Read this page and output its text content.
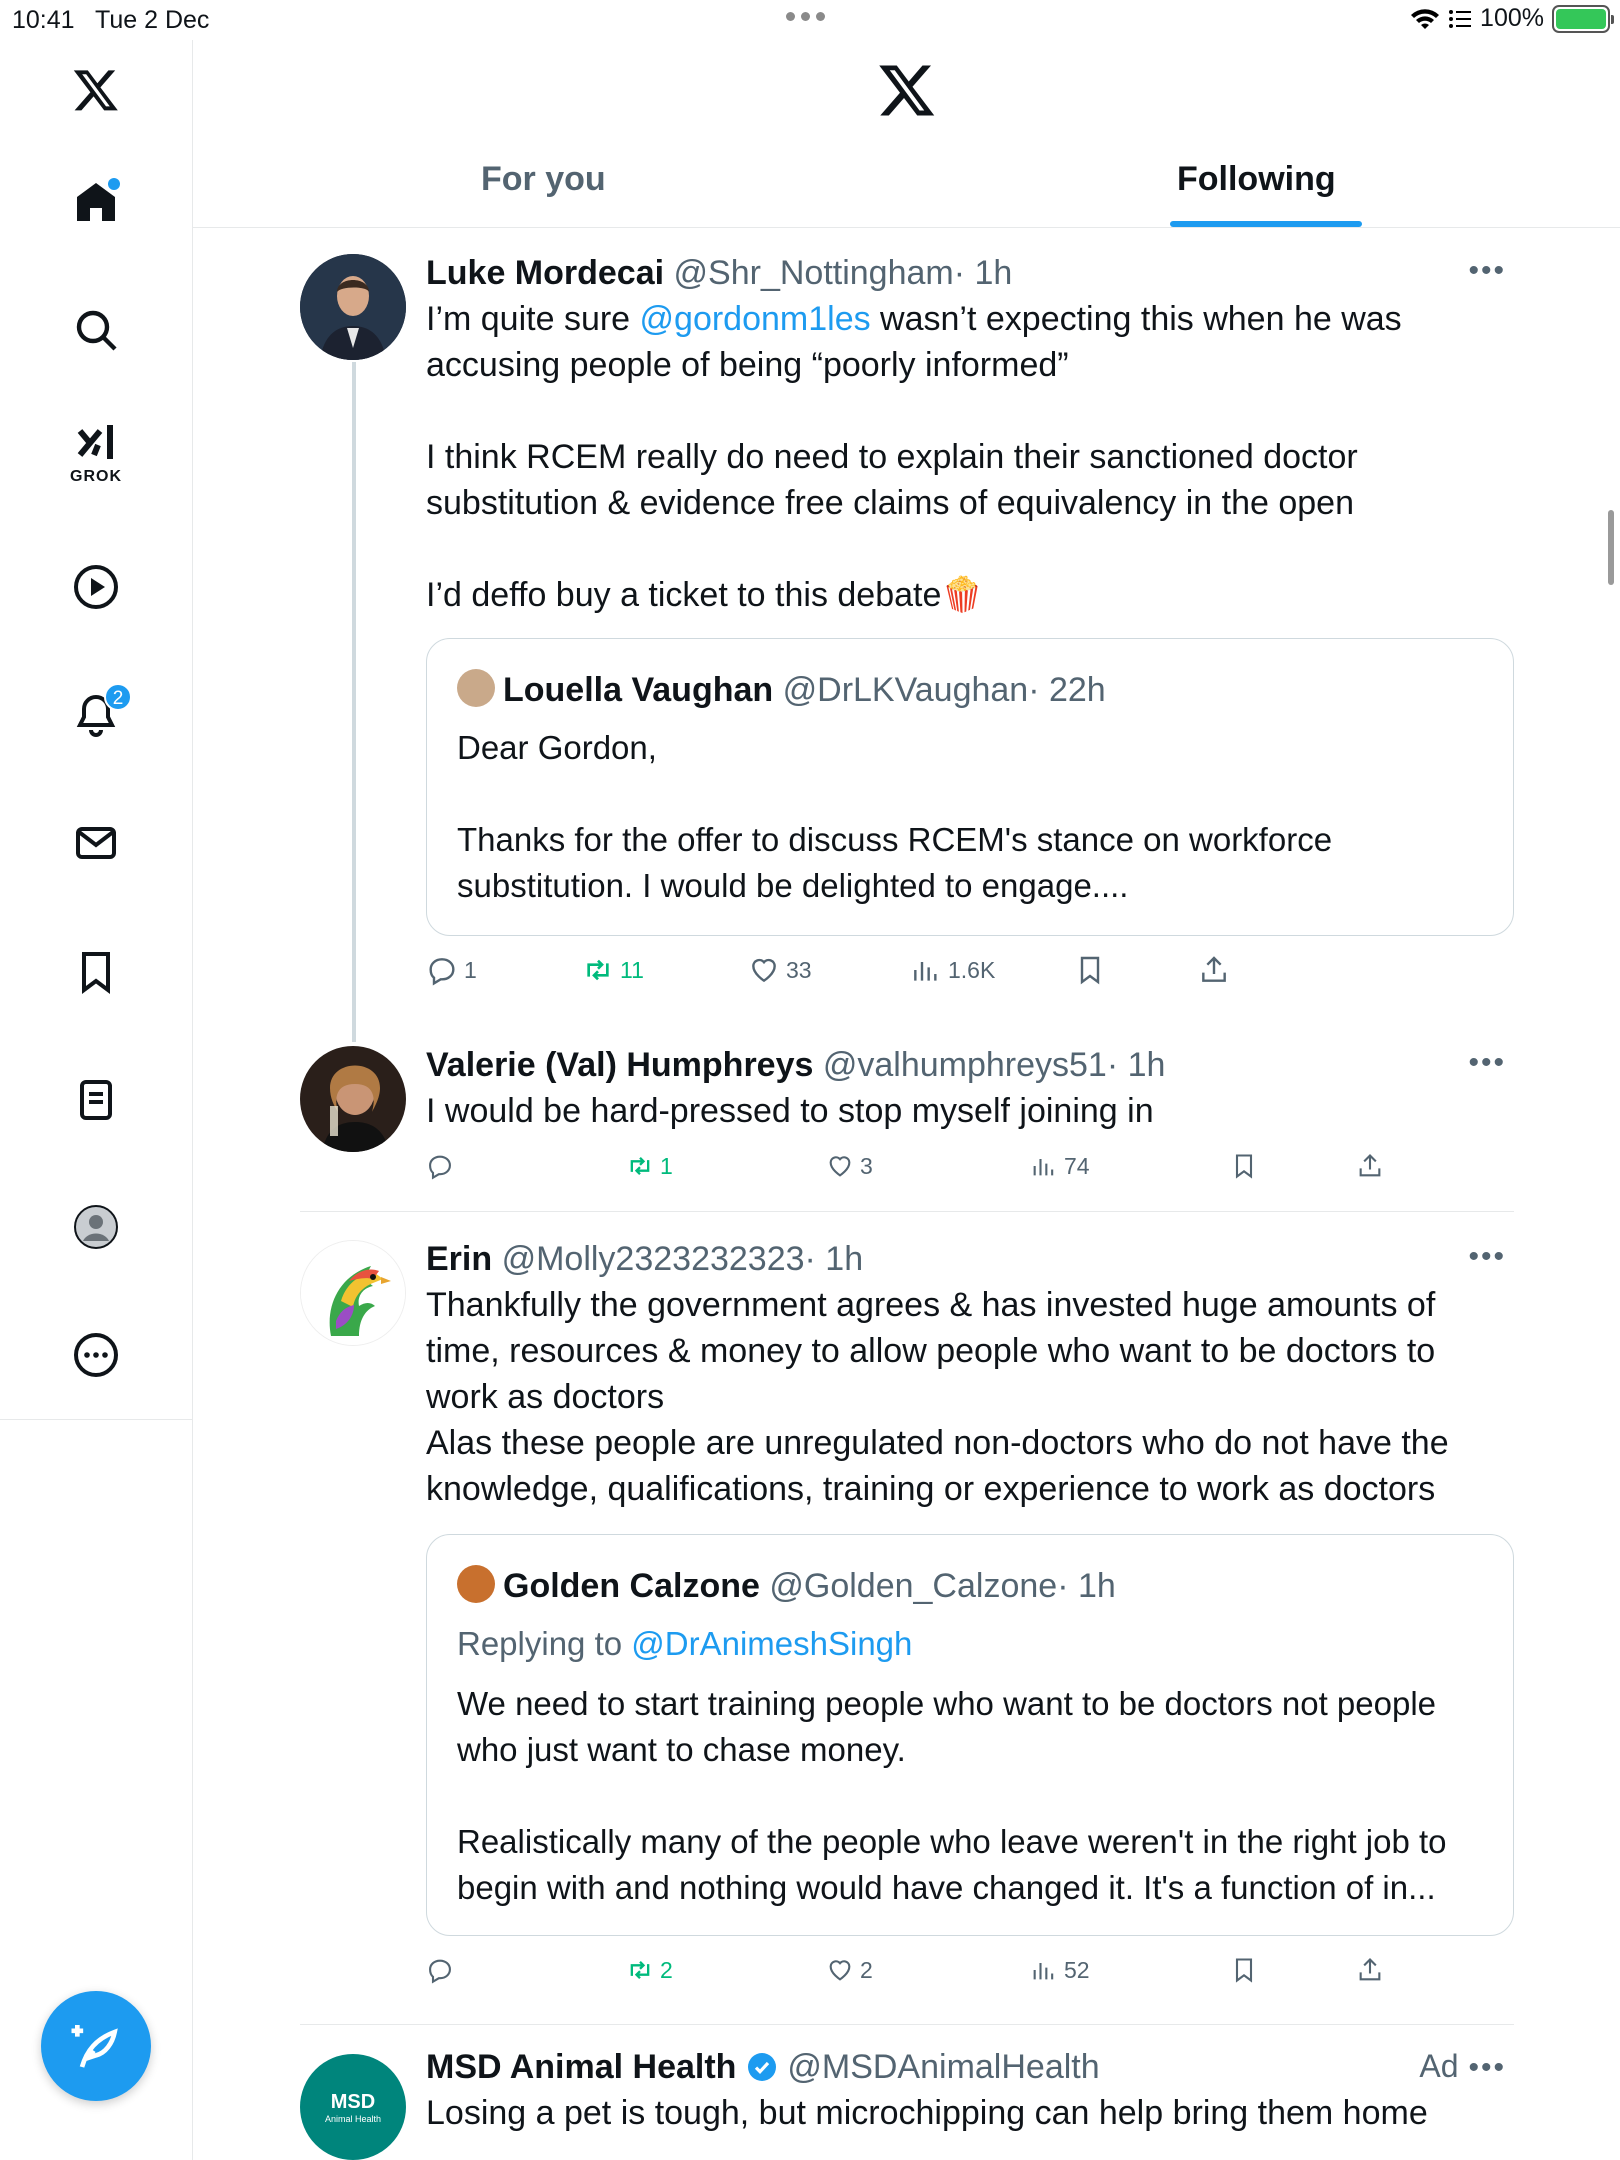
10:41 Tue 2 Dec	100%
GROK
2
For you	Following
Luke Mordecai @Shr_Nottingham· 1h	•••
I’m quite sure @gordonm1les wasn’t expecting this when he was
accusing people of being “poorly informed”
I think RCEM really do need to explain their sanctioned doctor
substitution & evidence free claims of equivalency in the open
I’d deffo buy a ticket to this debate🍿
Louella Vaughan @DrLKVaughan· 22h
Dear Gordon,
Thanks for the offer to discuss RCEM's stance on workforce
substitution. I would be delighted to engage....
1	11	33	1.6K
Valerie (Val) Humphreys @valhumphreys51· 1h	•••
I would be hard-pressed to stop myself joining in
1	3	74
Erin @Molly2323232323· 1h	•••
Thankfully the government agrees & has invested huge amounts of
time, resources & money to allow people who want to be doctors to
work as doctors
Alas these people are unregulated non-doctors who do not have the
knowledge, qualifications, training or experience to work as doctors
Golden Calzone @Golden_Calzone· 1h
Replying to @DrAnimeshSingh
We need to start training people who want to be doctors not people
who just want to chase money.
Realistically many of the people who leave weren't in the right job to
begin with and nothing would have changed it. It's a function of in...
2	2	52
MSD
Animal Health
MSD Animal Health @MSDAnimalHealth	Ad •••
Losing a pet is tough, but microchipping can help bring them home
